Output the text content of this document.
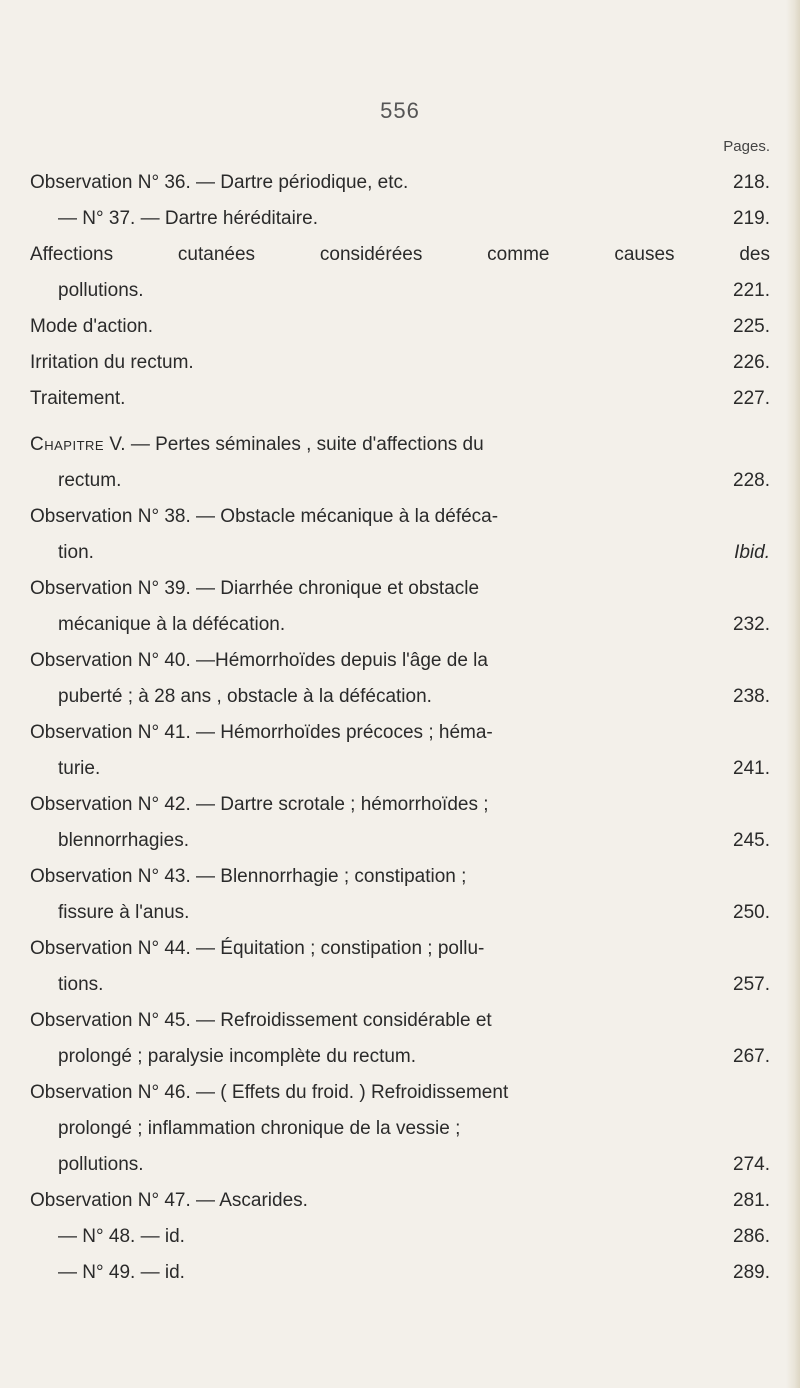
556
Pages.
Observation N° 36. — Dartre périodique, etc.	218.
— N° 37. — Dartre héréditaire.	219.
Affections cutanées considérées comme causes des
pollutions.	221.
Mode d'action.	225.
Irritation du rectum.	226.
Traitement.	227.
Chapitre V. — Pertes séminales , suite d'affections du
rectum.	228.
Observation N° 38. — Obstacle mécanique à la déféca-
tion.	Ibid.
Observation N° 39. — Diarrhée chronique et obstacle
mécanique à la défécation.	232.
Observation N° 40. —Hémorrhoïdes depuis l'âge de la
puberté ; à 28 ans , obstacle à la défécation.	238.
Observation N° 41. — Hémorrhoïdes précoces ; héma-
turie.	241.
Observation N° 42. — Dartre scrotale ; hémorrhoïdes ;
blennorrhagies.	245.
Observation N° 43. — Blennorrhagie ; constipation ;
fissure à l'anus.	250.
Observation N° 44. — Équitation ; constipation ; pollu-
tions.	257.
Observation N° 45. — Refroidissement considérable et
prolongé ; paralysie incomplète du rectum.	267.
Observation N° 46. — ( Effets du froid. ) Refroidissement
prolongé ; inflammation chronique de la vessie ;
pollutions.	274.
Observation N° 47. — Ascarides.	281.
— N° 48. — id.	286.
— N° 49. — id.	289.
